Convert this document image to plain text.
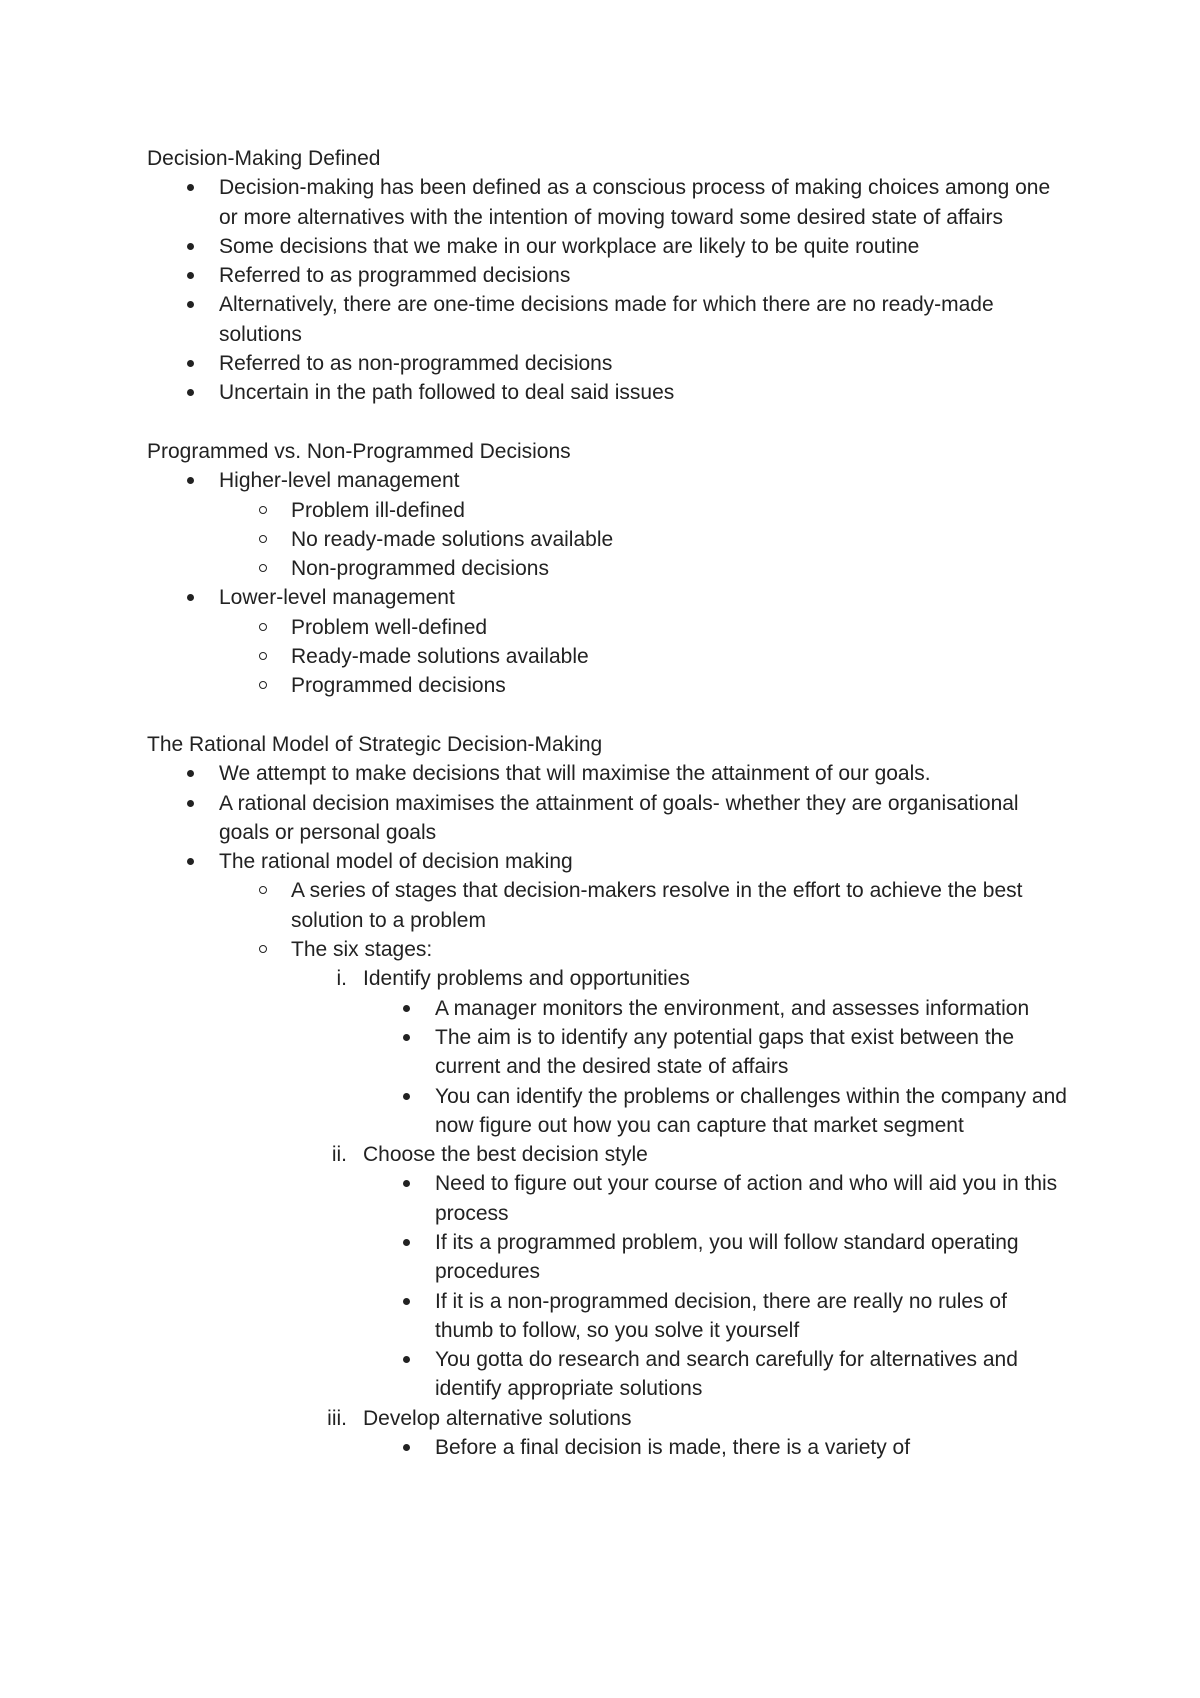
Decision-Making Defined

Decision-making has been defined as a conscious process of making choices among one or more alternatives with the intention of moving toward some desired state of affairs
Some decisions that we make in our workplace are likely to be quite routine
Referred to as programmed decisions
Alternatively, there are one-time decisions made for which there are no ready-made solutions
Referred to as non-programmed decisions
Uncertain in the path followed to deal said issues

Programmed vs. Non-Programmed Decisions

Higher-level management
Problem ill-defined
No ready-made solutions available
Non-programmed decisions
Lower-level management
Problem well-defined
Ready-made solutions available
Programmed decisions

The Rational Model of Strategic Decision-Making

We attempt to make decisions that will maximise the attainment of our goals.
A rational decision maximises the attainment of goals- whether they are organisational goals or personal goals
The rational model of decision making
A series of stages that decision-makers resolve in the effort to achieve the best solution to a problem
The six stages:
i. Identify problems and opportunities
A manager monitors the environment, and assesses information
The aim is to identify any potential gaps that exist between the current and the desired state of affairs
You can identify the problems or challenges within the company and now figure out how you can capture that market segment
ii. Choose the best decision style
Need to figure out your course of action and who will aid you in this process
If its a programmed problem, you will follow standard operating procedures
If it is a non-programmed decision, there are really no rules of thumb to follow, so you solve it yourself
You gotta do research and search carefully for alternatives and identify appropriate solutions
iii. Develop alternative solutions
Before a final decision is made, there is a variety of
